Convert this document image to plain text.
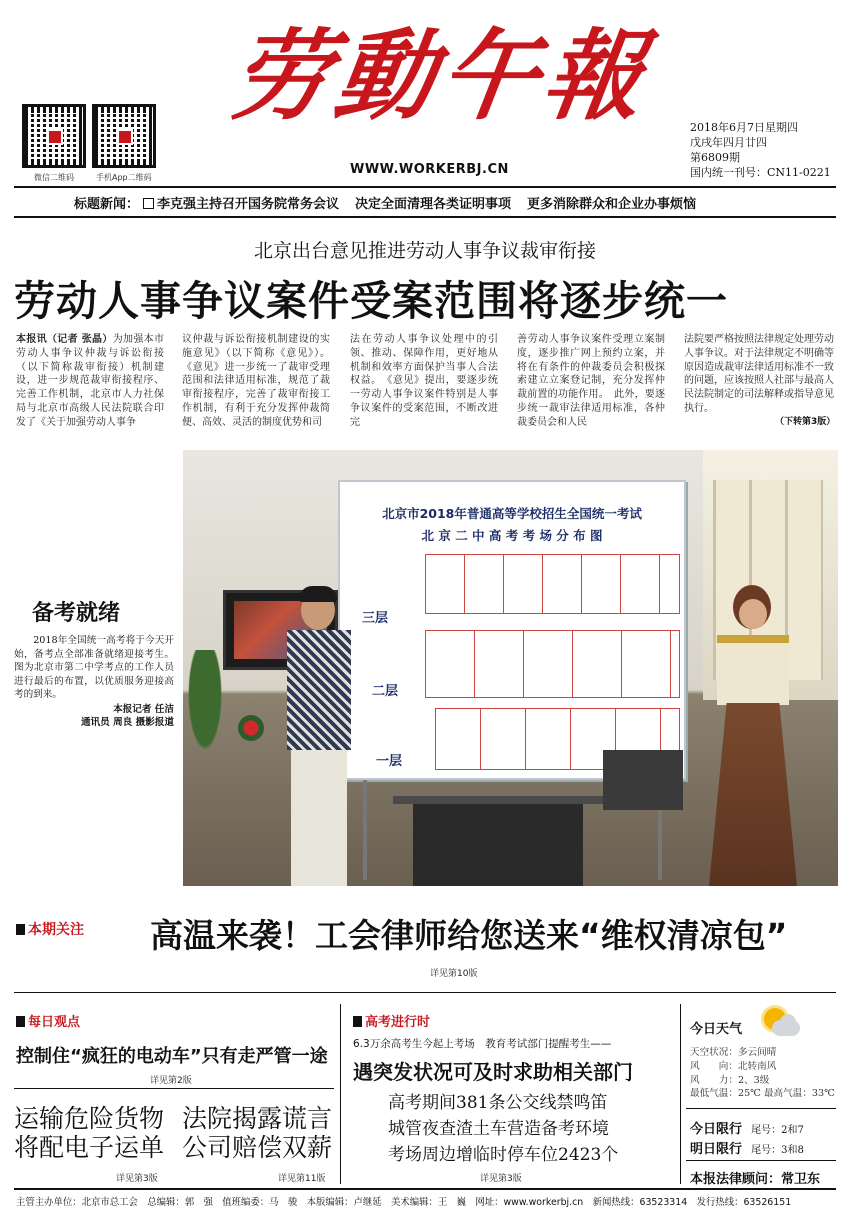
微信二维码	手机App二维码
劳動午報
WWW.WORKERBJ.CN
2018年6月7日星期四
戊戌年四月廿四
第6809期
国内统一刊号：CN11-0221
标题新闻： 李克强主持召开国务院常务会议 决定全面清理各类证明事项 更多消除群众和企业办事烦恼
北京出台意见推进劳动人事争议裁审衔接
劳动人事争议案件受案范围将逐步统一
本报讯（记者 张晶）为加强本市劳动人事争议仲裁与诉讼衔接（以下简称裁审衔接）机制建设，进一步规范裁审衔接程序、完善工作机制，北京市人力社保局与北京市高级人民法院联合印发了《关于加强劳动人事争
议仲裁与诉讼衔接机制建设的实施意见》（以下简称《意见》）。《意见》进一步统一了裁审受理范围和法律适用标准，规范了裁审衔接程序，完善了裁审衔接工作机制，有利于充分发挥仲裁简便、高效、灵活的制度优势和司
法在劳动人事争议处理中的引领、推动、保障作用，更好地从机制和效率方面保护当事人合法权益。　《意见》提出，要逐步统一劳动人事争议案件特别是人事争议案件的受案范围，不断改进完
善劳动人事争议案件受理立案制度，逐步推广网上预约立案，并将在有条件的仲裁委员会积极探索建立立案登记制，充分发挥仲裁前置的功能作用。　此外，要逐步统一裁审法律适用标准，各仲裁委员会和人民
法院要严格按照法律规定处理劳动人事争议。对于法律规定不明确等原因造成裁审法律适用标准不一致的问题，应该按照人社部与最高人民法院制定的司法解释或指导意见执行。
（下转第3版）
北京市2018年普通高等学校招生全国统一考试
北 京 二 中 高 考 考 场 分 布 图
三层
二层
一层
备考就绪
2018年全国统一高考将于今天开始，备考点全部准备就绪迎接考生。图为北京市第二中学考点的工作人员进行最后的布置，以优质服务迎接高考的到来。
本报记者 任洁
通讯员 周良 摄影报道
本期关注 高温来袭！工会律师给您送来“维权清凉包”
详见第10版
每日观点
控制住“疯狂的电动车”只有走严管一途
详见第2版
运输危险货物
将配电子运单
详见第3版
法院揭露谎言
公司赔偿双薪
详见第11版
高考进行时
6.3万余高考生今起上考场　教育考试部门提醒考生——
遇突发状况可及时求助相关部门
高考期间381条公交线禁鸣笛
城管夜查渣土车营造备考环境
考场周边增临时停车位2423个
详见第3版
今日天气
天空状况：多云间晴
风　　向：北转南风
风　　力：2、3级
最低气温：25℃ 最高气温：33℃
今日限行 尾号：2和7
明日限行 尾号：3和8
本报法律顾问：常卫东
主管主办单位：北京市总工会　总编辑：郭　强　值班编委：马　骏　本版编辑：卢继延　美术编辑：王　巍　网址：www.workerbj.cn　新闻热线：63523314　发行热线：63526151
